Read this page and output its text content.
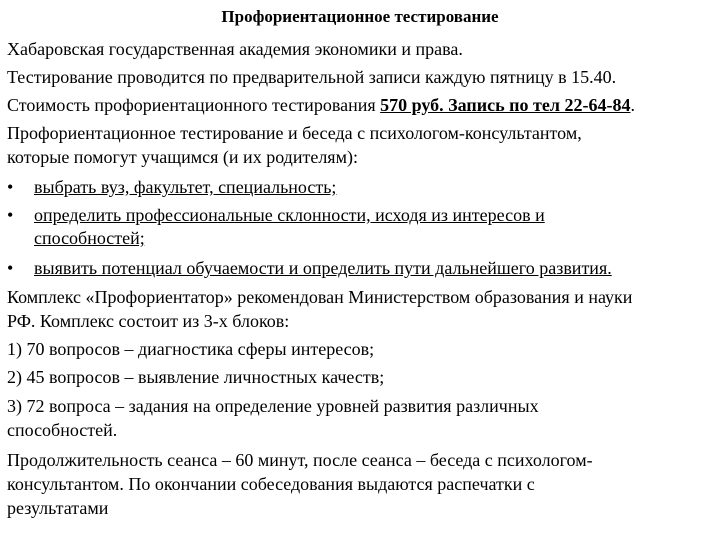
Профориентационное тестирование
Хабаровская государственная академия экономики и права.
Тестирование проводится по предварительной записи каждую пятницу в 15.40.
Стоимость профориентационного тестирования 570 руб. Запись по тел 22-64-84.
Профориентационное тестирование и беседа с психологом-консультантом,
которые помогут учащимся (и их родителям):
• выбрать вуз, факультет, специальность;
• определить профессиональные склонности, исходя из интересов и
способностей;
• выявить потенциал обучаемости и определить пути дальнейшего развития.
Комплекс «Профориентатор» рекомендован Министерством образования и науки
РФ. Комплекс состоит из 3-х блоков:
1) 70 вопросов – диагностика сферы интересов;
2) 45 вопросов – выявление личностных качеств;
3) 72 вопроса – задания на определение уровней развития различных
способностей.
Продолжительность сеанса – 60 минут, после сеанса – беседа с психологом-
консультантом. По окончании собеседования выдаются распечатки с
результатами
